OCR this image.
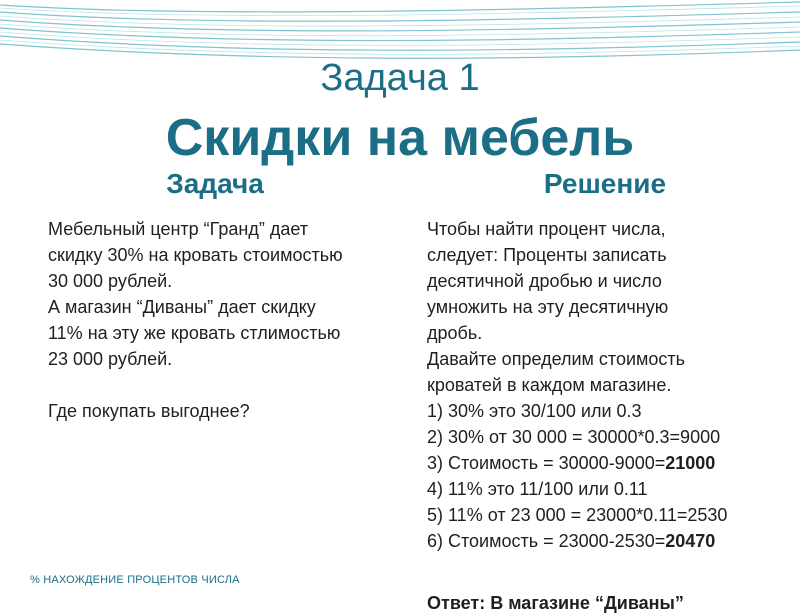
Задача 1
Скидки на мебель
Задача	Решение
Мебельный центр “Гранд” дает
скидку 30% на кровать стоимостью
30 000 рублей.
А магазин “Диваны” дает скидку
11% на эту же кровать стлимостью
23 000 рублей.
Где покупать выгоднее?
Чтобы найти процент числа,
следует: Проценты записать
десятичной дробью и число
умножить на эту десятичную
дробь.
Давайте определим стоимость
кроватей в каждом магазине.
1) 30% это 30/100 или 0.3
2) 30% от 30 000 = 30000*0.3=9000
3) Стоимость = 30000-9000=21000
4) 11% это 11/100 или 0.11
5) 11% от 23 000 = 23000*0.11=2530
6) Стоимость = 23000-2530=20470
Ответ: В магазине “Диваны”
% НАХОЖДЕНИЕ ПРОЦЕНТОВ ЧИСЛА
